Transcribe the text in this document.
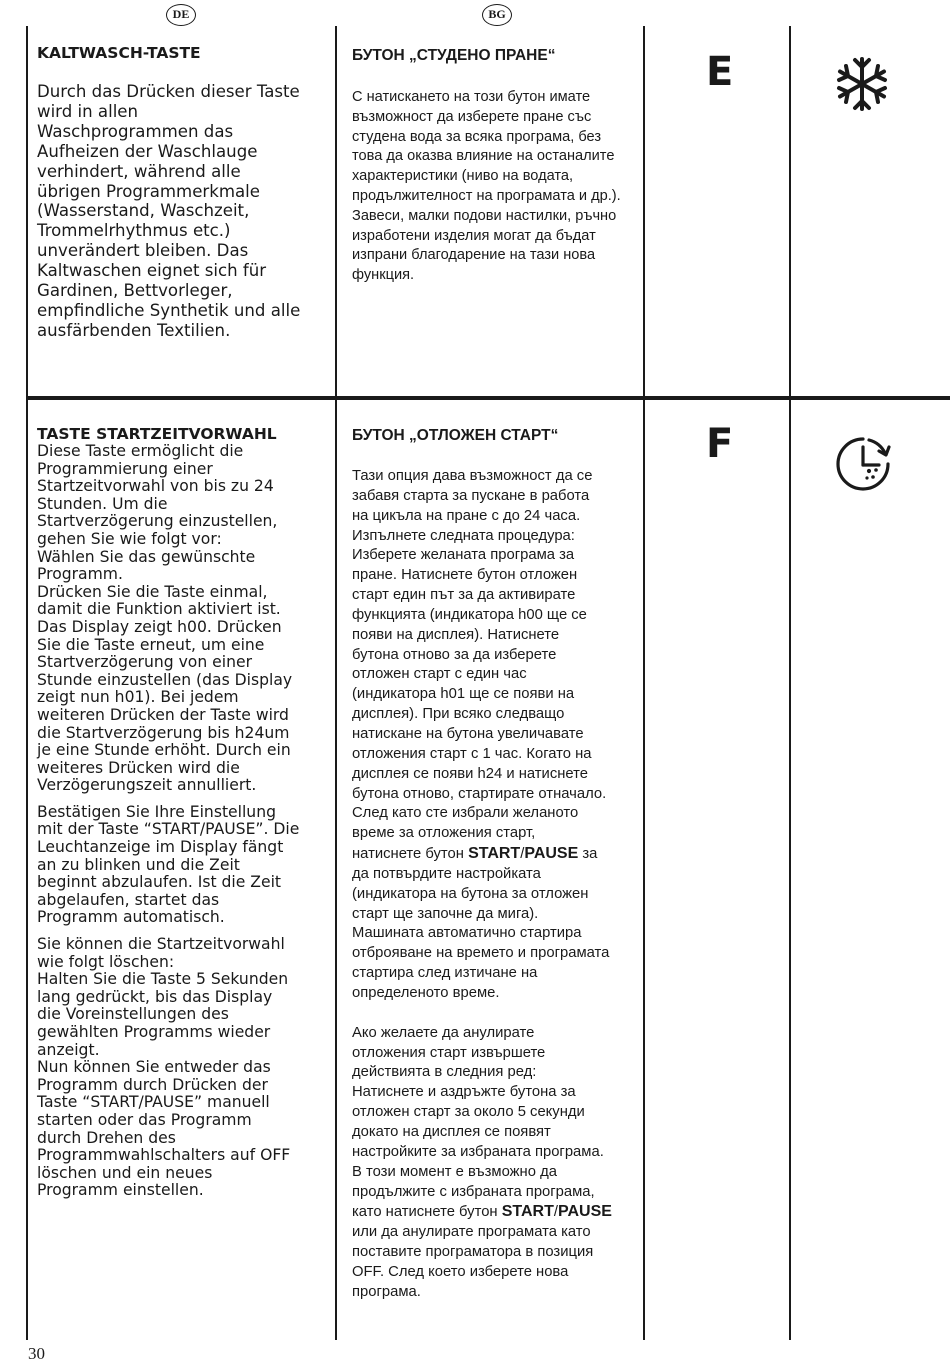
DE	BG
KALTWASCH-TASTE

Durch das Drücken dieser Taste

wird in allen

Waschprogrammen das

Aufheizen der Waschlauge

verhindert, während alle

übrigen Programmerkmale

(Wasserstand, Waschzeit,

Trommelrhythmus etc.)

unverändert bleiben. Das

Kaltwaschen eignet sich für

Gardinen, Bettvorleger,

empfindliche Synthetik und alle

ausfärbenden Textilien.

БУТОН „СТУДЕНО ПРАНЕ“

С натискането на този бутон имате

възможност да изберете пране със

студена вода за всяка програма, без

това да оказва влияние на останалите

характеристики (ниво на водата,

продължителност на програмата и др.).

Завеси, малки подови настилки, ръчно

изработени изделия могат да бъдат

изпрани благодарение на тази нова

функция.

E
TASTE STARTZEITVORWAHL

Diese Taste ermöglicht die

Programmierung einer

Startzeitvorwahl von bis zu 24

Stunden. Um die

Startverzögerung einzustellen,

gehen Sie wie folgt vor:

Wählen Sie das gewünschte

Programm.

Drücken Sie die Taste einmal,

damit die Funktion aktiviert ist.

Das Display zeigt h00. Drücken

Sie die Taste erneut, um eine

Startverzögerung von einer

Stunde einzustellen (das Display

zeigt nun h01). Bei jedem

weiteren Drücken der Taste wird

die Startverzögerung bis h24um

je eine Stunde erhöht. Durch ein

weiteres Drücken wird die

Verzögerungszeit annulliert.

Bestätigen Sie Ihre Einstellung

mit der Taste “START/PAUSE”. Die

Leuchtanzeige im Display fängt

an zu blinken und die Zeit

beginnt abzulaufen. Ist die Zeit

abgelaufen, startet das

Programm automatisch.

Sie können die Startzeitvorwahl

wie folgt löschen:

Halten Sie die Taste 5 Sekunden

lang gedrückt, bis das Display

die Voreinstellungen des

gewählten Programms wieder

anzeigt.

Nun können Sie entweder das

Programm durch Drücken der

Taste “START/PAUSE” manuell

starten oder das Programm

durch Drehen des

Programmwahlschalters auf OFF

löschen und ein neues

Programm einstellen.

БУТОН „ОТЛОЖЕН СТАРТ“

Тази опция дава възможност да се

забавя старта за пускане в работа

на цикъла на пране с до 24 часа.

Изпълнете следната процедура:

Изберете желаната програма за

пране. Натиснете бутон отложен

старт един път за да активирате

функцията (индикатора h00 ще се

появи на дисплея). Натиснете

бутона отново за да изберете

отложен старт с един час

(индикатора h01 ще се появи на

дисплея). При всяко следващо

натискане на бутона увеличавате

отложения старт с 1 час. Когато на

дисплея се появи h24 и натиснете

бутона отново, стартирате отначало.

След като сте избрали желаното

време за отложения старт,

натиснете бутон START/PAUSE за

да потвърдите настройката

(индикатора на бутона за отложен

старт ще започне да мига).

Машината автоматично стартира

отброяване на времето и програмата

стартира след изтичане на

определеното време.

Ако желаете да анулирате

отложения старт извършете

действията в следния ред:

Натиснете и аздръжте бутона за

отложен старт за около 5 секунди

докато на дисплея се появят

настройките за избраната програма.

В този момент е възможно да

продължите с избраната програма,

като натиснете бутон START/PAUSE

или да анулирате програмата като

поставите програматора в позиция

OFF. След което изберете нова

програма.

F
30
